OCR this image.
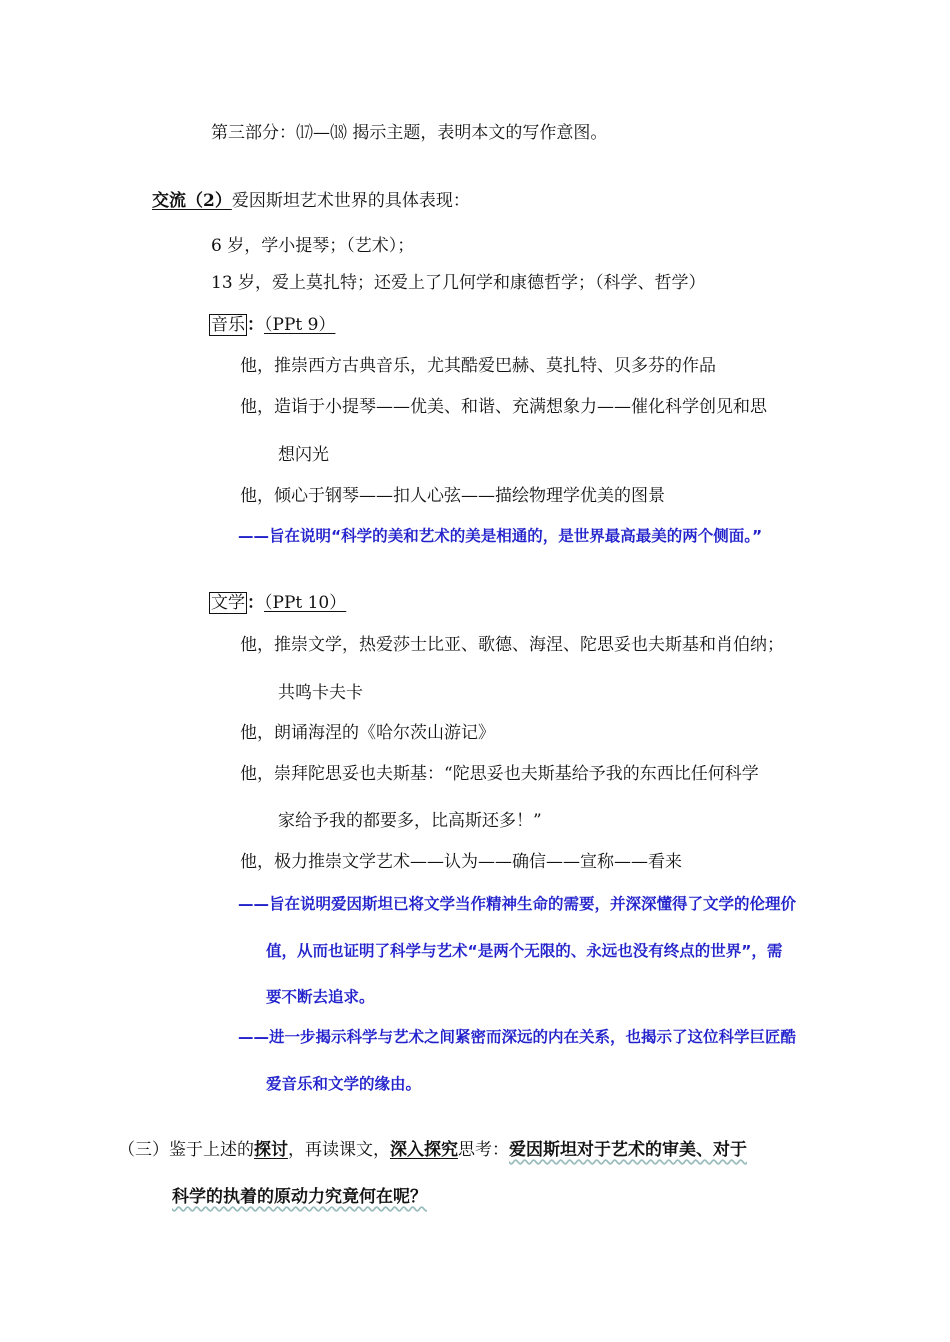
第三部分：⒄—⒅ 揭示主题，表明本文的写作意图。
交流（2）爱因斯坦艺术世界的具体表现：
6 岁，学小提琴；（艺术）；
13 岁，爱上莫扎特；还爱上了几何学和康德哲学；（科学、哲学）
音乐 ：（PPt 9）
他，推崇西方古典音乐，尤其酷爱巴赫、莫扎特、贝多芬的作品
他，造诣于小提琴——优美、和谐、充满想象力——催化科学创见和思
想闪光
他，倾心于钢琴——扣人心弦——描绘物理学优美的图景
——旨在说明“科学的美和艺术的美是相通的，是世界最高最美的两个侧面。”
文学 ：（PPt 10）
他，推崇文学，热爱莎士比亚、歌德、海涅、陀思妥也夫斯基和肖伯纳；
共鸣卡夫卡
他，朗诵海涅的《哈尔茨山游记》
他，崇拜陀思妥也夫斯基：“陀思妥也夫斯基给予我的东西比任何科学
家给予我的都要多，比高斯还多！”
他，极力推崇文学艺术——认为——确信——宣称——看来
——旨在说明爱因斯坦已将文学当作精神生命的需要，并深深懂得了文学的伦理价
值，从而也证明了科学与艺术“是两个无限的、永远也没有终点的世界”，需
要不断去追求。
——进一步揭示科学与艺术之间紧密而深远的内在关系，也揭示了这位科学巨匠酷
爱音乐和文学的缘由。
（三）鉴于上述的探讨，再读课文，深入探究思考：爱因斯坦对于艺术的审美、对于
科学的执着的原动力究竟何在呢？
